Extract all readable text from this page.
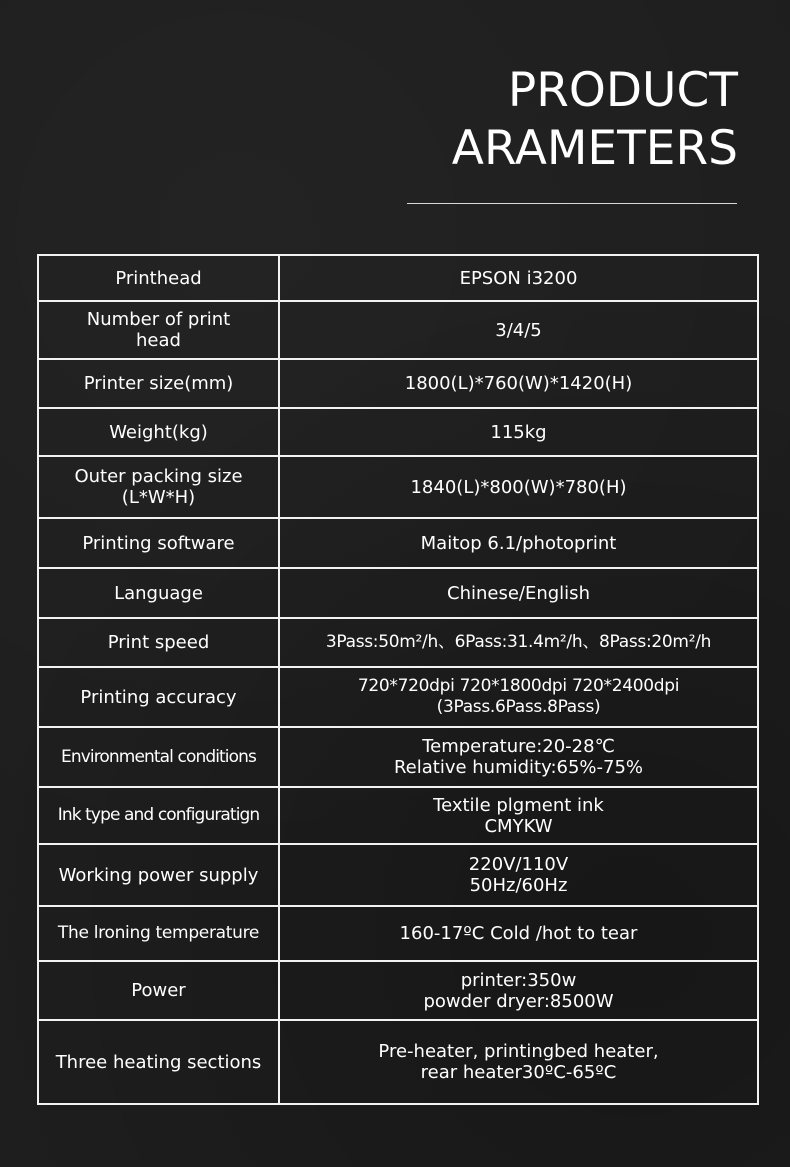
PRODUCT
ARAMETERS
Printhead	EPSON i3200
Number of print
head	3/4/5
Printer size(mm)	1800(L)*760(W)*1420(H)
Weight(kg)	115kg
Outer packing size
(L*W*H)	1840(L)*800(W)*780(H)
Printing software	Maitop 6.1/photoprint
Language	Chinese/English
Print speed	3Pass:50m²/h、6Pass:31.4m²/h、8Pass:20m²/h
Printing accuracy	720*720dpi 720*1800dpi 720*2400dpi
(3Pass.6Pass.8Pass)
Environmental conditions	Temperature:20-28℃
Relative humidity:65%-75%
Ink type and configuratign	Textile plgment ink
CMYKW
Working power supply	220V/110V
50Hz/60Hz
The lroning temperature	160-17ºC Cold /hot to tear
Power	printer:350w
powder dryer:8500W
Three heating sections	Pre-heater, printingbed heater,
rear heater30ºC-65ºC
